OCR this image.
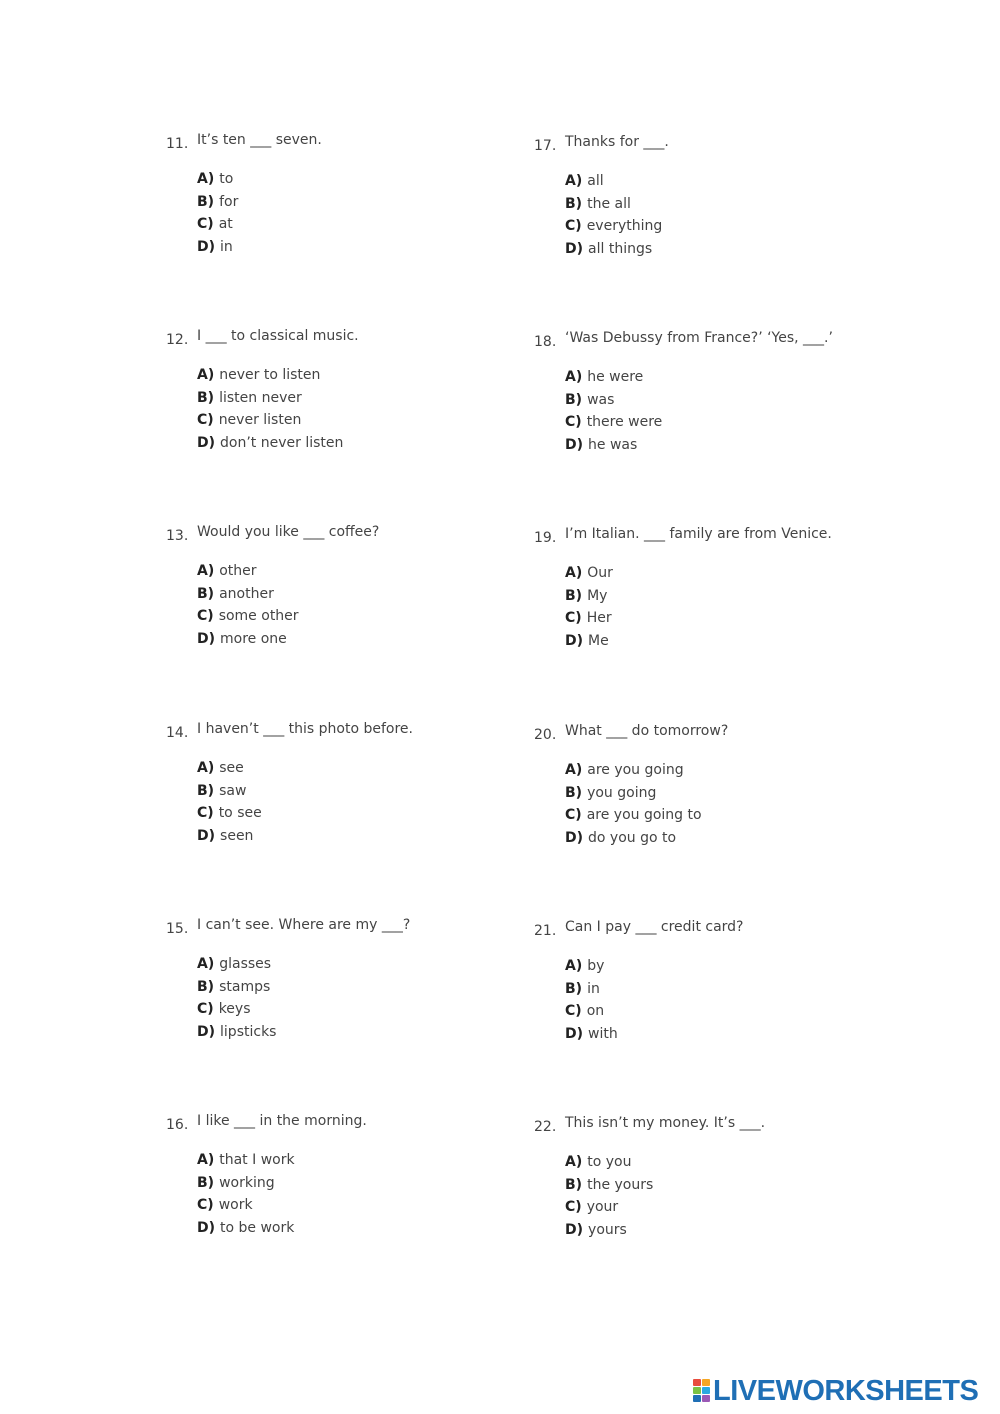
11. It’s ten ___ seven.
A) to
B) for
C) at
D) in
12. I ___ to classical music.
A) never to listen
B) listen never
C) never listen
D) don’t never listen
13. Would you like ___ coffee?
A) other
B) another
C) some other
D) more one
14. I haven’t ___ this photo before.
A) see
B) saw
C) to see
D) seen
15. I can’t see. Where are my ___?
A) glasses
B) stamps
C) keys
D) lipsticks
16. I like ___ in the morning.
A) that I work
B) working
C) work
D) to be work
17. Thanks for ___.
A) all
B) the all
C) everything
D) all things
18. ‘Was Debussy from France?’ ‘Yes, ___.’
A) he were
B) was
C) there were
D) he was
19. I’m Italian. ___ family are from Venice.
A) Our
B) My
C) Her
D) Me
20. What ___ do tomorrow?
A) are you going
B) you going
C) are you going to
D) do you go to
21. Can I pay ___ credit card?
A) by
B) in
C) on
D) with
22. This isn’t my money. It’s ___.
A) to you
B) the yours
C) your
D) yours
LIVEWORKSHEETS
